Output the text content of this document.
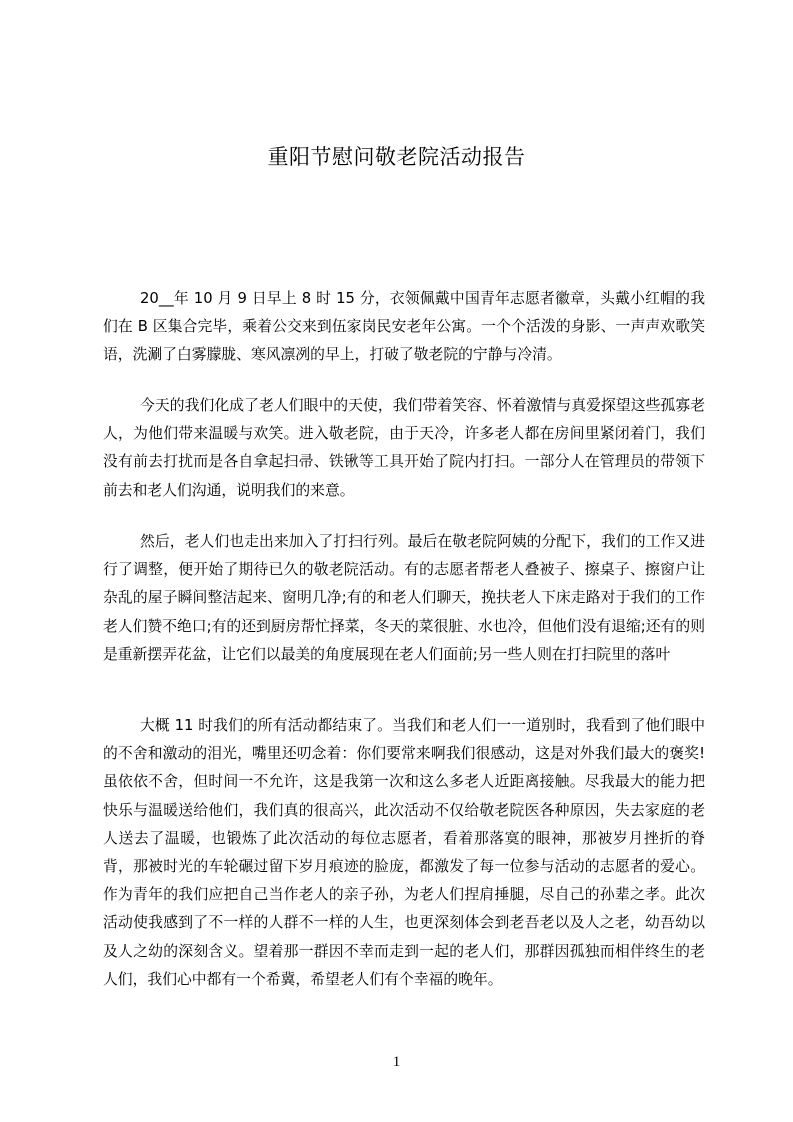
重阳节慰问敬老院活动报告

20__年 10 月 9 日早上 8 时 15 分，衣领佩戴中国青年志愿者徽章，头戴小红帽的我们在 B 区集合完毕，乘着公交来到伍家岗民安老年公寓。一个个活泼的身影、一声声欢歌笑语，洗涮了白雾朦胧、寒风凛冽的早上，打破了敬老院的宁静与冷清。

今天的我们化成了老人们眼中的天使，我们带着笑容、怀着激情与真爱探望这些孤寡老人，为他们带来温暖与欢笑。进入敬老院，由于天冷，许多老人都在房间里紧闭着门，我们没有前去打扰而是各自拿起扫帚、铁锹等工具开始了院内打扫。一部分人在管理员的带领下前去和老人们沟通，说明我们的来意。

然后，老人们也走出来加入了打扫行列。最后在敬老院阿姨的分配下，我们的工作又进行了调整，便开始了期待已久的敬老院活动。有的志愿者帮老人叠被子、擦桌子、擦窗户让杂乱的屋子瞬间整洁起来、窗明几净;有的和老人们聊天，挽扶老人下床走路对于我们的工作老人们赞不绝口;有的还到厨房帮忙择菜，冬天的菜很脏、水也冷，但他们没有退缩;还有的则是重新摆弄花盆，让它们以最美的角度展现在老人们面前;另一些人则在打扫院里的落叶

大概 11 时我们的所有活动都结束了。当我们和老人们一一道别时，我看到了他们眼中的不舍和激动的泪光，嘴里还叨念着：你们要常来啊我们很感动，这是对外我们最大的褒奖!虽依依不舍，但时间一不允许，这是我第一次和这么多老人近距离接触。尽我最大的能力把快乐与温暖送给他们，我们真的很高兴，此次活动不仅给敬老院医各种原因，失去家庭的老人送去了温暖，也锻炼了此次活动的每位志愿者，看着那落寞的眼神，那被岁月挫折的脊背，那被时光的车轮碾过留下岁月痕迹的脸庞，都激发了每一位参与活动的志愿者的爱心。作为青年的我们应把自己当作老人的亲子孙，为老人们捏肩捶腿，尽自己的孙辈之孝。此次活动使我感到了不一样的人群不一样的人生，也更深刻体会到老吾老以及人之老，幼吾幼以及人之幼的深刻含义。望着那一群因不幸而走到一起的老人们，那群因孤独而相伴终生的老人们，我们心中都有一个希冀，希望老人们有个幸福的晚年。

1
